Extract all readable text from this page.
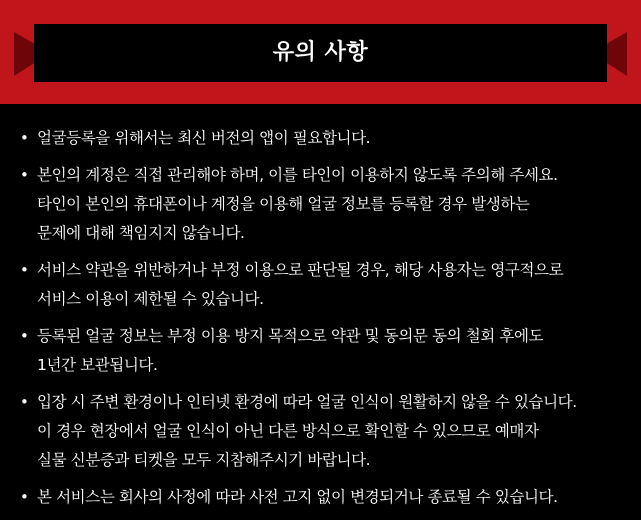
유의 사항
• 얼굴등록을 위해서는 최신 버전의 앱이 필요합니다.
• 본인의 계정은 직접 관리해야 하며, 이를 타인이 이용하지 않도록 주의해 주세요.
타인이 본인의 휴대폰이나 계정을 이용해 얼굴 정보를 등록할 경우 발생하는
문제에 대해 책임지지 않습니다.
• 서비스 약관을 위반하거나 부정 이용으로 판단될 경우, 해당 사용자는 영구적으로
서비스 이용이 제한될 수 있습니다.
• 등록된 얼굴 정보는 부정 이용 방지 목적으로 약관 및 동의문 동의 철회 후에도
1년간 보관됩니다.
• 입장 시 주변 환경이나 인터넷 환경에 따라 얼굴 인식이 원활하지 않을 수 있습니다.
이 경우 현장에서 얼굴 인식이 아닌 다른 방식으로 확인할 수 있으므로 예매자
실물 신분증과 티켓을 모두 지참해주시기 바랍니다.
• 본 서비스는 회사의 사정에 따라 사전 고지 없이 변경되거나 종료될 수 있습니다.
